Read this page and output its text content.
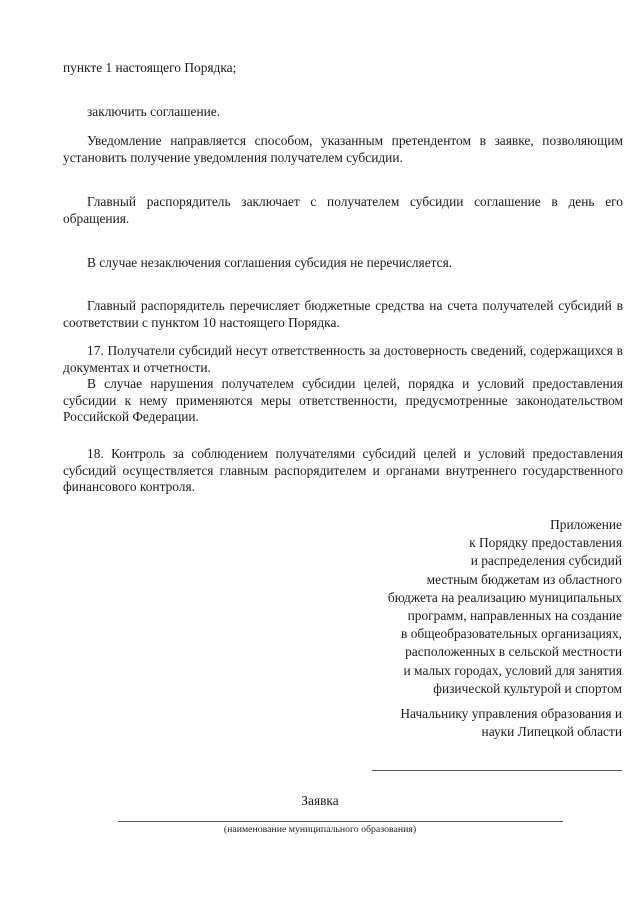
пункте 1 настоящего Порядка;

заключить соглашение.

Уведомление направляется способом, указанным претендентом в заявке, позволяющим установить получение уведомления получателем субсидии.

Главный распорядитель заключает с получателем субсидии соглашение в день его обращения.

В случае незаключения соглашения субсидия не перечисляется.

Главный распорядитель перечисляет бюджетные средства на счета получателей субсидий в соответствии с пунктом 10 настоящего Порядка.

17. Получатели субсидий несут ответственность за достоверность сведений, содержащихся в документах и отчетности.

В случае нарушения получателем субсидии целей, порядка и условий предоставления субсидии к нему применяются меры ответственности, предусмотренные законодательством Российской Федерации.

18. Контроль за соблюдением получателями субсидий целей и условий предоставления субсидий осуществляется главным распорядителем и органами внутреннего государственного финансового контроля.

Приложение
к Порядку предоставления
и распределения субсидий
местным бюджетам из областного
бюджета на реализацию муниципальных
программ, направленных на создание
в общеобразовательных организациях,
расположенных в сельской местности
и малых городах, условий для занятия
физической культурой и спортом
Начальнику управления образования и
науки Липецкой области
Заявка
(наименование муниципального образования)
